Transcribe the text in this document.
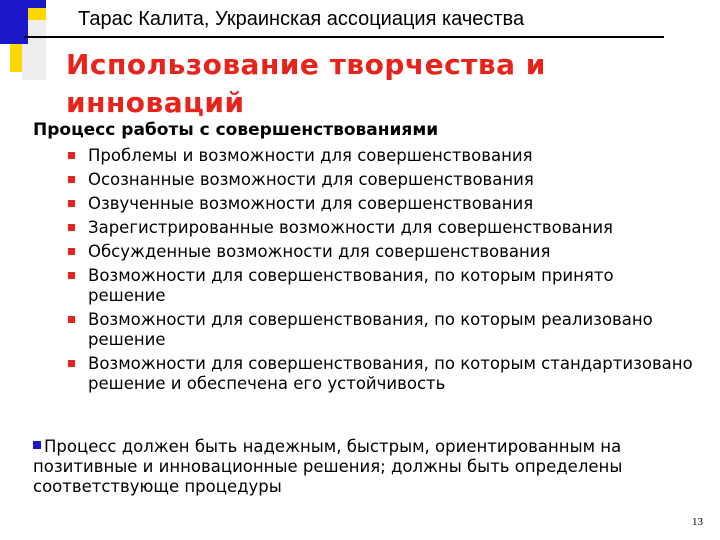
Тарас Калита, Украинская ассоциация качества
Использование творчества и инноваций
Процесс работы с совершенствованиями
Проблемы и возможности для совершенствования
Осознанные возможности для совершенствования
Озвученные возможности для совершенствования
Зарегистрированные возможности для совершенствования
Обсужденные возможности для совершенствования
Возможности для совершенствования, по которым принято решение
Возможности для совершенствования, по которым реализовано решение
Возможности для совершенствования, по которым стандартизовано решение и обеспечена его устойчивость
Процесс должен быть надежным, быстрым, ориентированным на позитивные и инновационные решения; должны быть определены соответствующе процедуры
13
